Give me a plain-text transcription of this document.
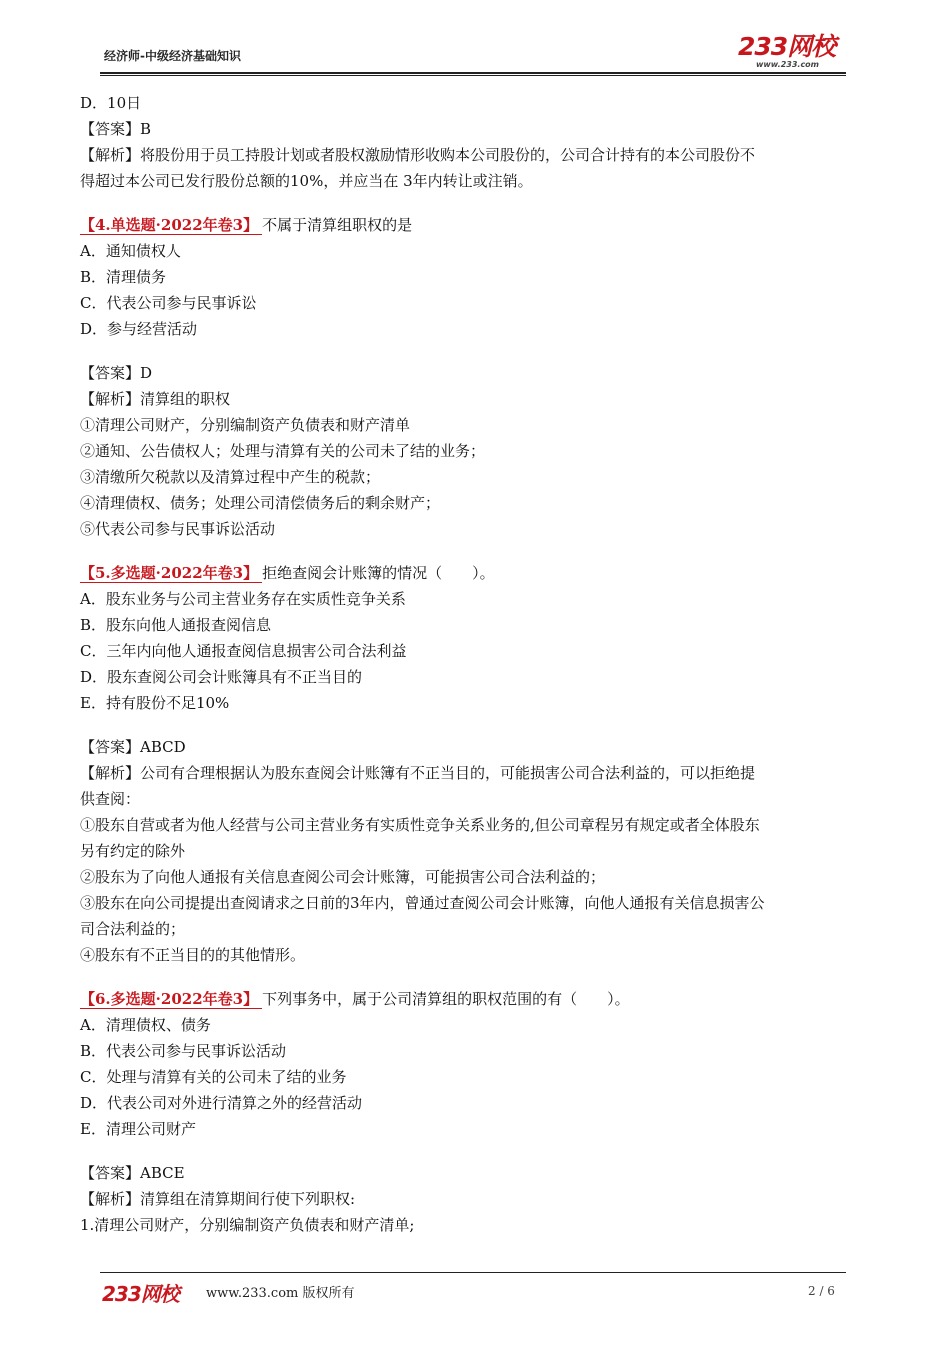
经济师-中级经济基础知识	233网校
www.233.com
D．10日
【答案】B
【解析】将股份用于员工持股计划或者股权激励情形收购本公司股份的，公司合计持有的本公司股份不
得超过本公司已发行股份总额的10%，并应当在 3年内转让或注销。
【4.单选题·2022年卷3】 不属于清算组职权的是
A．通知债权人
B．清理债务
C．代表公司参与民事诉讼
D．参与经营活动
【答案】D
【解析】清算组的职权
①清理公司财产，分别编制资产负债表和财产清单
②通知、公告债权人；处理与清算有关的公司未了结的业务；
③清缴所欠税款以及清算过程中产生的税款；
④清理债权、债务；处理公司清偿债务后的剩余财产；
⑤代表公司参与民事诉讼活动
【5.多选题·2022年卷3】 拒绝查阅会计账簿的情况（　　）。
A．股东业务与公司主营业务存在实质性竞争关系
B．股东向他人通报查阅信息
C．三年内向他人通报查阅信息损害公司合法利益
D．股东查阅公司会计账簿具有不正当目的
E．持有股份不足10%
【答案】ABCD
【解析】公司有合理根据认为股东查阅会计账簿有不正当目的，可能损害公司合法利益的，可以拒绝提
供查阅：
①股东自营或者为他人经营与公司主营业务有实质性竞争关系业务的,但公司章程另有规定或者全体股东
另有约定的除外
②股东为了向他人通报有关信息查阅公司会计账簿，可能损害公司合法利益的；
③股东在向公司提提出查阅请求之日前的3年内，曾通过查阅公司会计账簿，向他人通报有关信息损害公
司合法利益的；
④股东有不正当目的的其他情形。
【6.多选题·2022年卷3】 下列事务中，属于公司清算组的职权范围的有（　　）。
A．清理债权、债务
B．代表公司参与民事诉讼活动
C．处理与清算有关的公司未了结的业务
D．代表公司对外进行清算之外的经营活动
E．清理公司财产
【答案】ABCE
【解析】清算组在清算期间行使下列职权:
1.清理公司财产，分别编制资产负债表和财产清单;
233网校 www.233.com 版权所有	2 / 6
